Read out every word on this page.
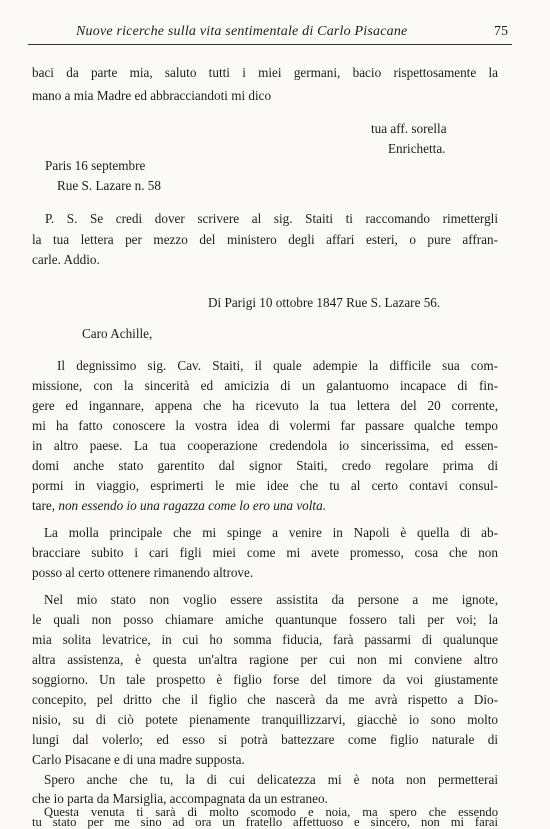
Nuove ricerche sulla vita sentimentale di Carlo Pisacane	75
baci da parte mia, saluto tutti i miei germani, bacio rispettosamente la
mano a mia Madre ed abbracciandoti mi dico
tua aff. sorella
Enrichetta.
Paris 16 septembre
Rue S. Lazare n. 58
P. S. Se credi dover scrivere al sig. Staiti ti raccomando rimettergli
la tua lettera per mezzo del ministero degli affari esteri, o pure affran-
carle. Addio.
Di Parigi 10 ottobre 1847 Rue S. Lazare 56.
Caro Achille,
Il degnissimo sig. Cav. Staiti, il quale adempie la difficile sua com-
missione, con la sincerità ed amicizia di un galantuomo incapace di fin-
gere ed ingannare, appena che ha ricevuto la tua lettera del 20 corrente,
mi ha fatto conoscere la vostra idea di volermi far passare qualche tempo
in altro paese. La tua cooperazione credendola io sincerissima, ed essen-
domi anche stato garentito dal signor Staiti, credo regolare prima di
pormi in viaggio, esprimerti le mie idee che tu al certo contavi consul-
tare, non essendo io una ragazza come lo ero una volta.
La molla principale che mi spinge a venire in Napoli è quella di ab-
bracciare subito i cari figli miei come mi avete promesso, cosa che non
posso al certo ottenere rimanendo altrove.
Nel mio stato non voglio essere assistita da persone a me ignote,
le quali non posso chiamare amiche quantunque fossero tali per voi; la
mia solita levatrice, in cui ho somma fiducia, farà passarmi di qualunque
altra assistenza, è questa un'altra ragione per cui non mi conviene altro
soggiorno. Un tale prospetto è figlio forse del timore da voi giustamente
concepito, pel dritto che il figlio che nascerà da me avrà rispetto a Dio-
nisio, su di ciò potete pienamente tranquillizzarvi, giacchè io sono molto
lungi dal volerlo; ed esso si potrà battezzare come figlio naturale di
Carlo Pisacane e di una madre supposta.
Spero anche che tu, la di cui delicatezza mi è nota non permetterai
che io parta da Marsiglia, accompagnata da un estraneo.
Questa venuta ti sarà di molto scomodo e noia, ma spero che essendo
tu stato per me sino ad ora un fratello affettuoso e sincero, non mi farai
